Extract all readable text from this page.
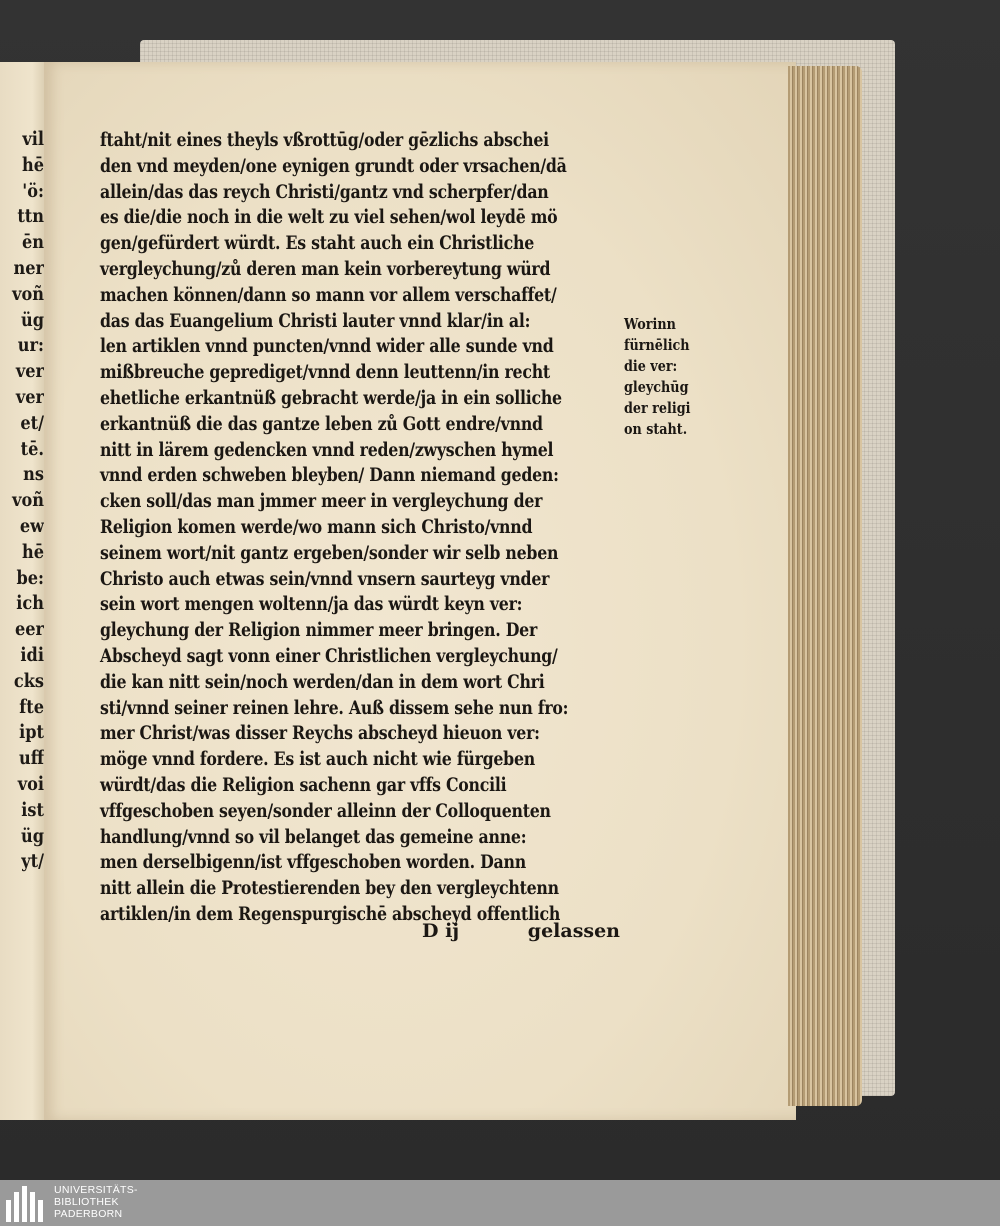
vil
hē
'ö:
ttn
ēn
ner
voñ
üg
ur:
ver
ver
et/
tē.
ns
voñ
ew
hē
be:
ich
eer
idi
cks
fte
ipt
uff
voi
ist
üg
yt/
ftaht/nit eines theyls vßrottūg/oder gēzlichs abschei
den vnd meyden/one eynigen grundt oder vrsachen/dā
allein/das das reych Christi/gantz vnd scherpfer/dan
es die/die noch in die welt zu viel sehen/wol leydē mö
gen/gefürdert würdt. Es staht auch ein Christliche
vergleychung/zů deren man kein vorbereytung würd
machen können/dann so mann vor allem verschaffet/
das das Euangelium Christi lauter vnnd klar/in al:
len artiklen vnnd puncten/vnnd wider alle sunde vnd
mißbreuche geprediget/vnnd denn leuttenn/in recht
ehetliche erkantnüß gebracht werde/ja in ein solliche
erkantnüß die das gantze leben zů Gott endre/vnnd
nitt in lärem gedencken vnnd reden/zwyschen hymel
vnnd erden schweben bleyben/ Dann niemand geden:
cken soll/das man jmmer meer in vergleychung der
Religion komen werde/wo mann sich Christo/vnnd
seinem wort/nit gantz ergeben/sonder wir selb neben
Christo auch etwas sein/vnnd vnsern saurteyg vnder
sein wort mengen woltenn/ja das würdt keyn ver:
gleychung der Religion nimmer meer bringen. Der
Abscheyd sagt vonn einer Christlichen vergleychung/
die kan nitt sein/noch werden/dan in dem wort Chri
sti/vnnd seiner reinen lehre. Auß dissem sehe nun fro:
mer Christ/was disser Reychs abscheyd hieuon ver:
möge vnnd fordere. Es ist auch nicht wie fürgeben
würdt/das die Religion sachenn gar vffs Concili
vffgeschoben seyen/sonder alleinn der Colloquenten
handlung/vnnd so vil belanget das gemeine anne:
men derselbigenn/ist vffgeschoben worden. Dann
nitt allein die Protestierenden bey den vergleychtenn
artiklen/in dem Regenspurgischē abscheyd offentlich
Worinn
fürnēlich
die ver:
gleychūg
der religi
on staht.
D ij	gelassen
UNIVERSITÄTS-
BIBLIOTHEK
PADERBORN
